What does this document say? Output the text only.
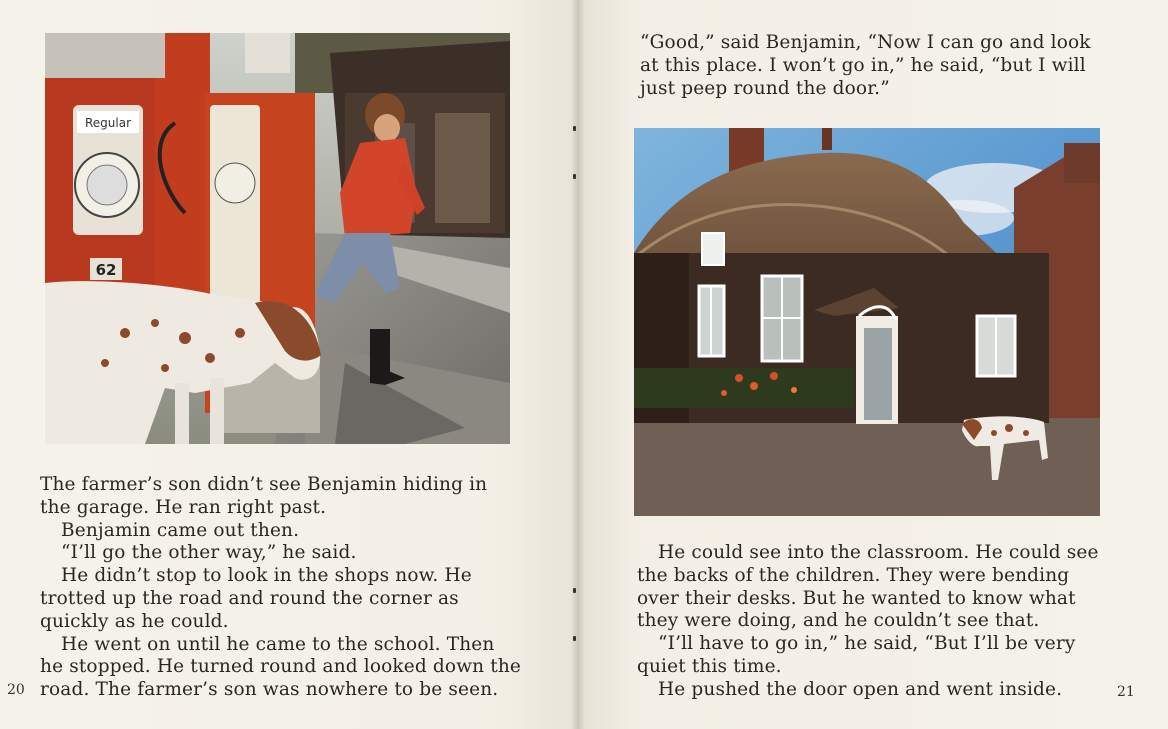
Regular
62
The farmer’s son didn’t see Benjamin hiding in
the garage. He ran right past.
Benjamin came out then.
“I’ll go the other way,” he said.
He didn’t stop to look in the shops now. He
trotted up the road and round the corner as
quickly as he could.
He went on until he came to the school. Then
he stopped. He turned round and looked down the
road. The farmer’s son was nowhere to be seen.
20
“Good,” said Benjamin, “Now I can go and look
at this place. I won’t go in,” he said, “but I will
just peep round the door.”
He could see into the classroom. He could see
the backs of the children. They were bending
over their desks. But he wanted to know what
they were doing, and he couldn’t see that.
“I’ll have to go in,” he said, “But I’ll be very
quiet this time.
He pushed the door open and went inside.	21
